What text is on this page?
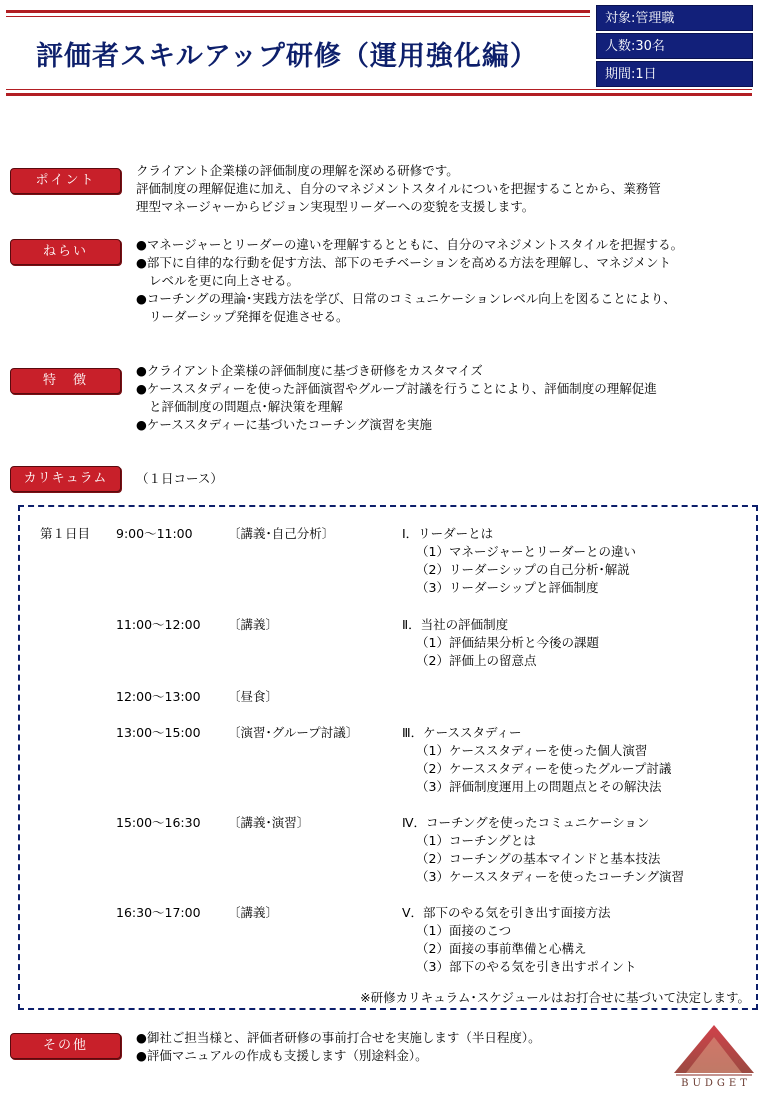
評価者スキルアップ研修（運用強化編）
対象:管理職
人数:30名
期間:1日
ポイント

クライアント企業様の評価制度の理解を深める研修です。

評価制度の理解促進に加え、自分のマネジメントスタイルについを把握することから、業務管

理型マネージャーからビジョン実現型リーダーへの変貌を支援します。

ねらい	●マネージャーとリーダーの違いを理解するとともに、自分のマネジメントスタイルを把握する。

●部下に自律的な行動を促す方法、部下のモチベーションを高める方法を理解し、マネジメント

レベルを更に向上させる。

●コーチングの理論･実践方法を学び、日常のコミュニケーションレベル向上を図ることにより、

リーダーシップ発揮を促進させる。

特　徴

●クライアント企業様の評価制度に基づき研修をカスタマイズ

●ケーススタディーを使った評価演習やグループ討議を行うことにより、評価制度の理解促進

と評価制度の問題点･解決策を理解

●ケーススタディーに基づいたコーチング演習を実施

カリキュラム	（１日コース）
第１日目 9:00～11:00	〔講義･自己分析〕	Ⅰ．リーダーとは
（1）マネージャーとリーダーとの違い
（2）リーダーシップの自己分析･解説
（3）リーダーシップと評価制度
11:00～12:00 〔講義〕	Ⅱ．当社の評価制度
（1）評価結果分析と今後の課題
（2）評価上の留意点
12:00～13:00 〔昼食〕
13:00～15:00 〔演習･グループ討議〕	Ⅲ．ケーススタディー
（1）ケーススタディーを使った個人演習
（2）ケーススタディーを使ったグループ討議
（3）評価制度運用上の問題点とその解決法
15:00～16:30 〔講義･演習〕	Ⅳ．コーチングを使ったコミュニケーション
（1）コーチングとは
（2）コーチングの基本マインドと基本技法
（3）ケーススタディーを使ったコーチング演習
16:30～17:00 〔講義〕	Ⅴ．部下のやる気を引き出す面接方法
（1）面接のこつ
（2）面接の事前準備と心構え
（3）部下のやる気を引き出すポイント
※研修カリキュラム･スケジュールはお打合せに基づいて決定します。
その他

●御社ご担当様と、評価者研修の事前打合せを実施します（半日程度）。

●評価マニュアルの作成も支援します（別途料金）。

BUDGET
